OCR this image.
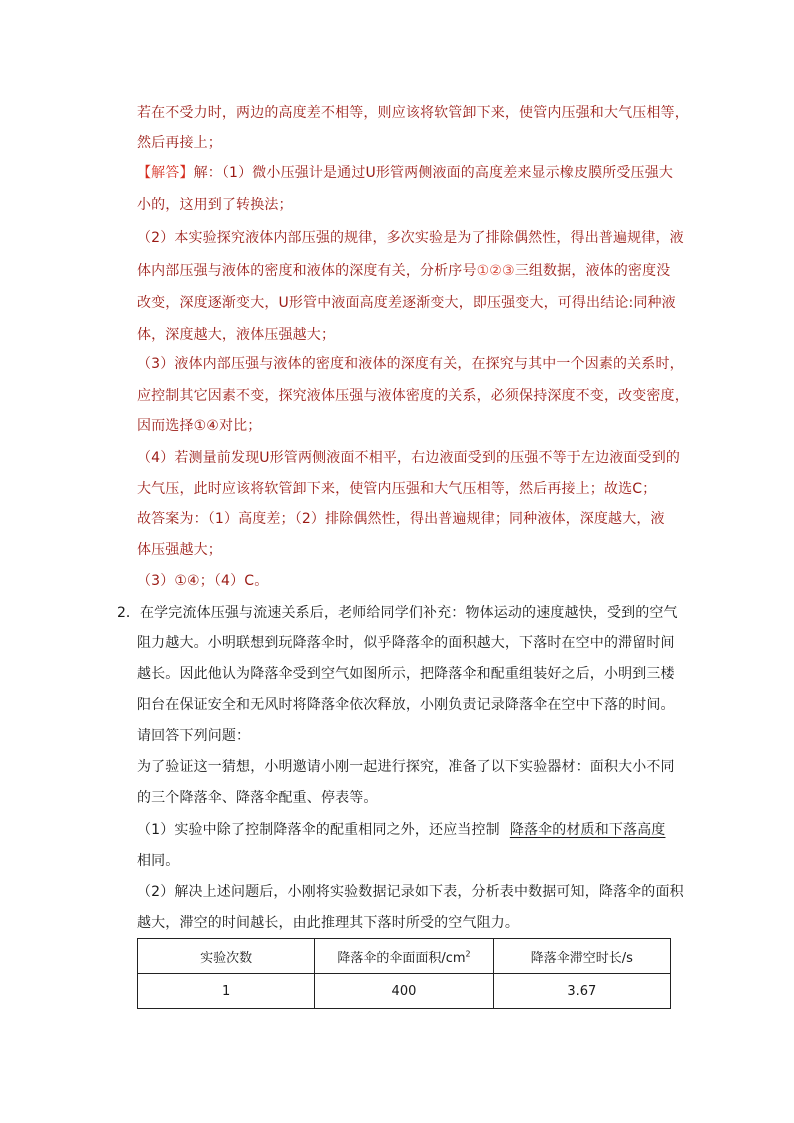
若在不受力时，两边的高度差不相等，则应该将软管卸下来，使管内压强和大气压相等，
然后再接上；
【解答】解：（1）微小压强计是通过U形管两侧液面的高度差来显示橡皮膜所受压强大
小的，这用到了转换法；
（2）本实验探究液体内部压强的规律，多次实验是为了排除偶然性，得出普遍规律，液
体内部压强与液体的密度和液体的深度有关，分析序号①②③三组数据，液体的密度没
改变，深度逐渐变大，U形管中液面高度差逐渐变大，即压强变大，可得出结论:同种液
体，深度越大，液体压强越大；
（3）液体内部压强与液体的密度和液体的深度有关，在探究与其中一个因素的关系时，
应控制其它因素不变，探究液体压强与液体密度的关系，必须保持深度不变，改变密度，
因而选择①④对比；
（4）若测量前发现U形管两侧液面不相平，右边液面受到的压强不等于左边液面受到的
大气压，此时应该将软管卸下来，使管内压强和大气压相等，然后再接上；故选C；
故答案为：（1）高度差；（2）排除偶然性，得出普遍规律；同种液体，深度越大，液
体压强越大；
（3）①④；（4）C。
2． 在学完流体压强与流速关系后，老师给同学们补充：物体运动的速度越快，受到的空气
阻力越大。小明联想到玩降落伞时，似乎降落伞的面积越大，下落时在空中的滞留时间
越长。因此他认为降落伞受到空气如图所示，把降落伞和配重组装好之后，小明到三楼
阳台在保证安全和无风时将降落伞依次释放，小刚负责记录降落伞在空中下落的时间。
请回答下列问题：
为了验证这一猜想，小明邀请小刚一起进行探究，准备了以下实验器材：面积大小不同
的三个降落伞、降落伞配重、停表等。
（1）实验中除了控制降落伞的配重相同之外，还应当控制 降落伞的材质和下落高度
相同。
（2）解决上述问题后，小刚将实验数据记录如下表，分析表中数据可知，降落伞的面积
越大，滞空的时间越长，由此推理其下落时所受的空气阻力。
实验次数	降落伞的伞面面积$/cm^2$	降落伞滞空时长/s
1	400	3.67
